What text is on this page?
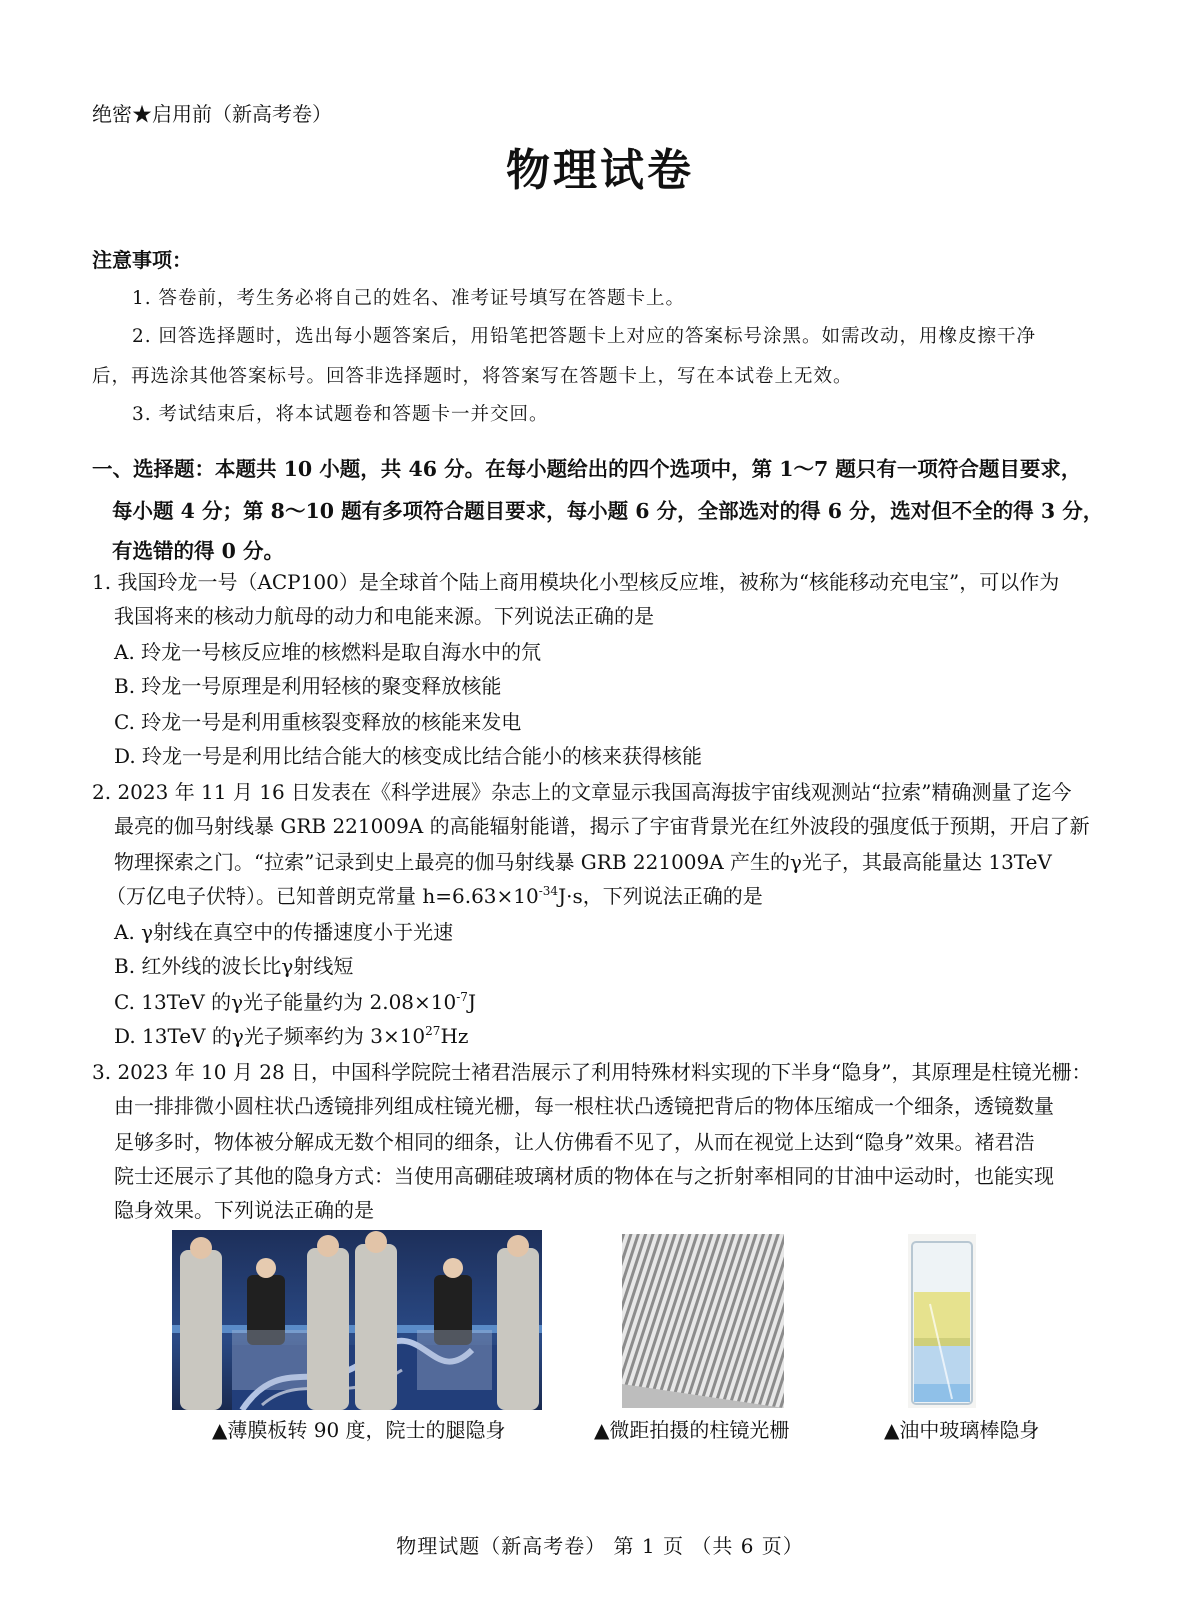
绝密★启用前（新高考卷）
物理试卷
注意事项：
1. 答卷前，考生务必将自己的姓名、准考证号填写在答题卡上。
2. 回答选择题时，选出每小题答案后，用铅笔把答题卡上对应的答案标号涂黑。如需改动，用橡皮擦干净
后，再选涂其他答案标号。回答非选择题时，将答案写在答题卡上，写在本试卷上无效。
3. 考试结束后，将本试题卷和答题卡一并交回。
一、选择题：本题共 10 小题，共 46 分。在每小题给出的四个选项中，第 1～7 题只有一项符合题目要求，
每小题 4 分；第 8～10 题有多项符合题目要求，每小题 6 分，全部选对的得 6 分，选对但不全的得 3 分，
有选错的得 0 分。
1. 我国玲龙一号（ACP100）是全球首个陆上商用模块化小型核反应堆，被称为“核能移动充电宝”，可以作为
我国将来的核动力航母的动力和电能来源。下列说法正确的是
A. 玲龙一号核反应堆的核燃料是取自海水中的氘
B. 玲龙一号原理是利用轻核的聚变释放核能
C. 玲龙一号是利用重核裂变释放的核能来发电
D. 玲龙一号是利用比结合能大的核变成比结合能小的核来获得核能
2. 2023 年 11 月 16 日发表在《科学进展》杂志上的文章显示我国高海拔宇宙线观测站“拉索”精确测量了迄今
最亮的伽马射线暴 GRB 221009A 的高能辐射能谱，揭示了宇宙背景光在红外波段的强度低于预期，开启了新
物理探索之门。“拉索”记录到史上最亮的伽马射线暴 GRB 221009A 产生的γ光子，其最高能量达 13TeV
（万亿电子伏特）。已知普朗克常量 $h=6.63\times 10^{-34}J\cdot s$，下列说法正确的是
A. γ射线在真空中的传播速度小于光速
B. 红外线的波长比γ射线短
C. 13TeV 的γ光子能量约为 $2.08\times 10^{-7}J$
D. 13TeV 的γ光子频率约为 $3\times 10^{27}Hz$
3. 2023 年 10 月 28 日，中国科学院院士褚君浩展示了利用特殊材料实现的下半身“隐身”，其原理是柱镜光栅：
由一排排微小圆柱状凸透镜排列组成柱镜光栅，每一根柱状凸透镜把背后的物体压缩成一个细条，透镜数量
足够多时，物体被分解成无数个相同的细条，让人仿佛看不见了，从而在视觉上达到“隐身”效果。褚君浩
院士还展示了其他的隐身方式：当使用高硼硅玻璃材质的物体在与之折射率相同的甘油中运动时，也能实现
隐身效果。下列说法正确的是
▲薄膜板转 90 度，院士的腿隐身	▲微距拍摄的柱镜光栅	▲油中玻璃棒隐身
物理试题（新高考卷） 第 1 页 （共 6 页）
